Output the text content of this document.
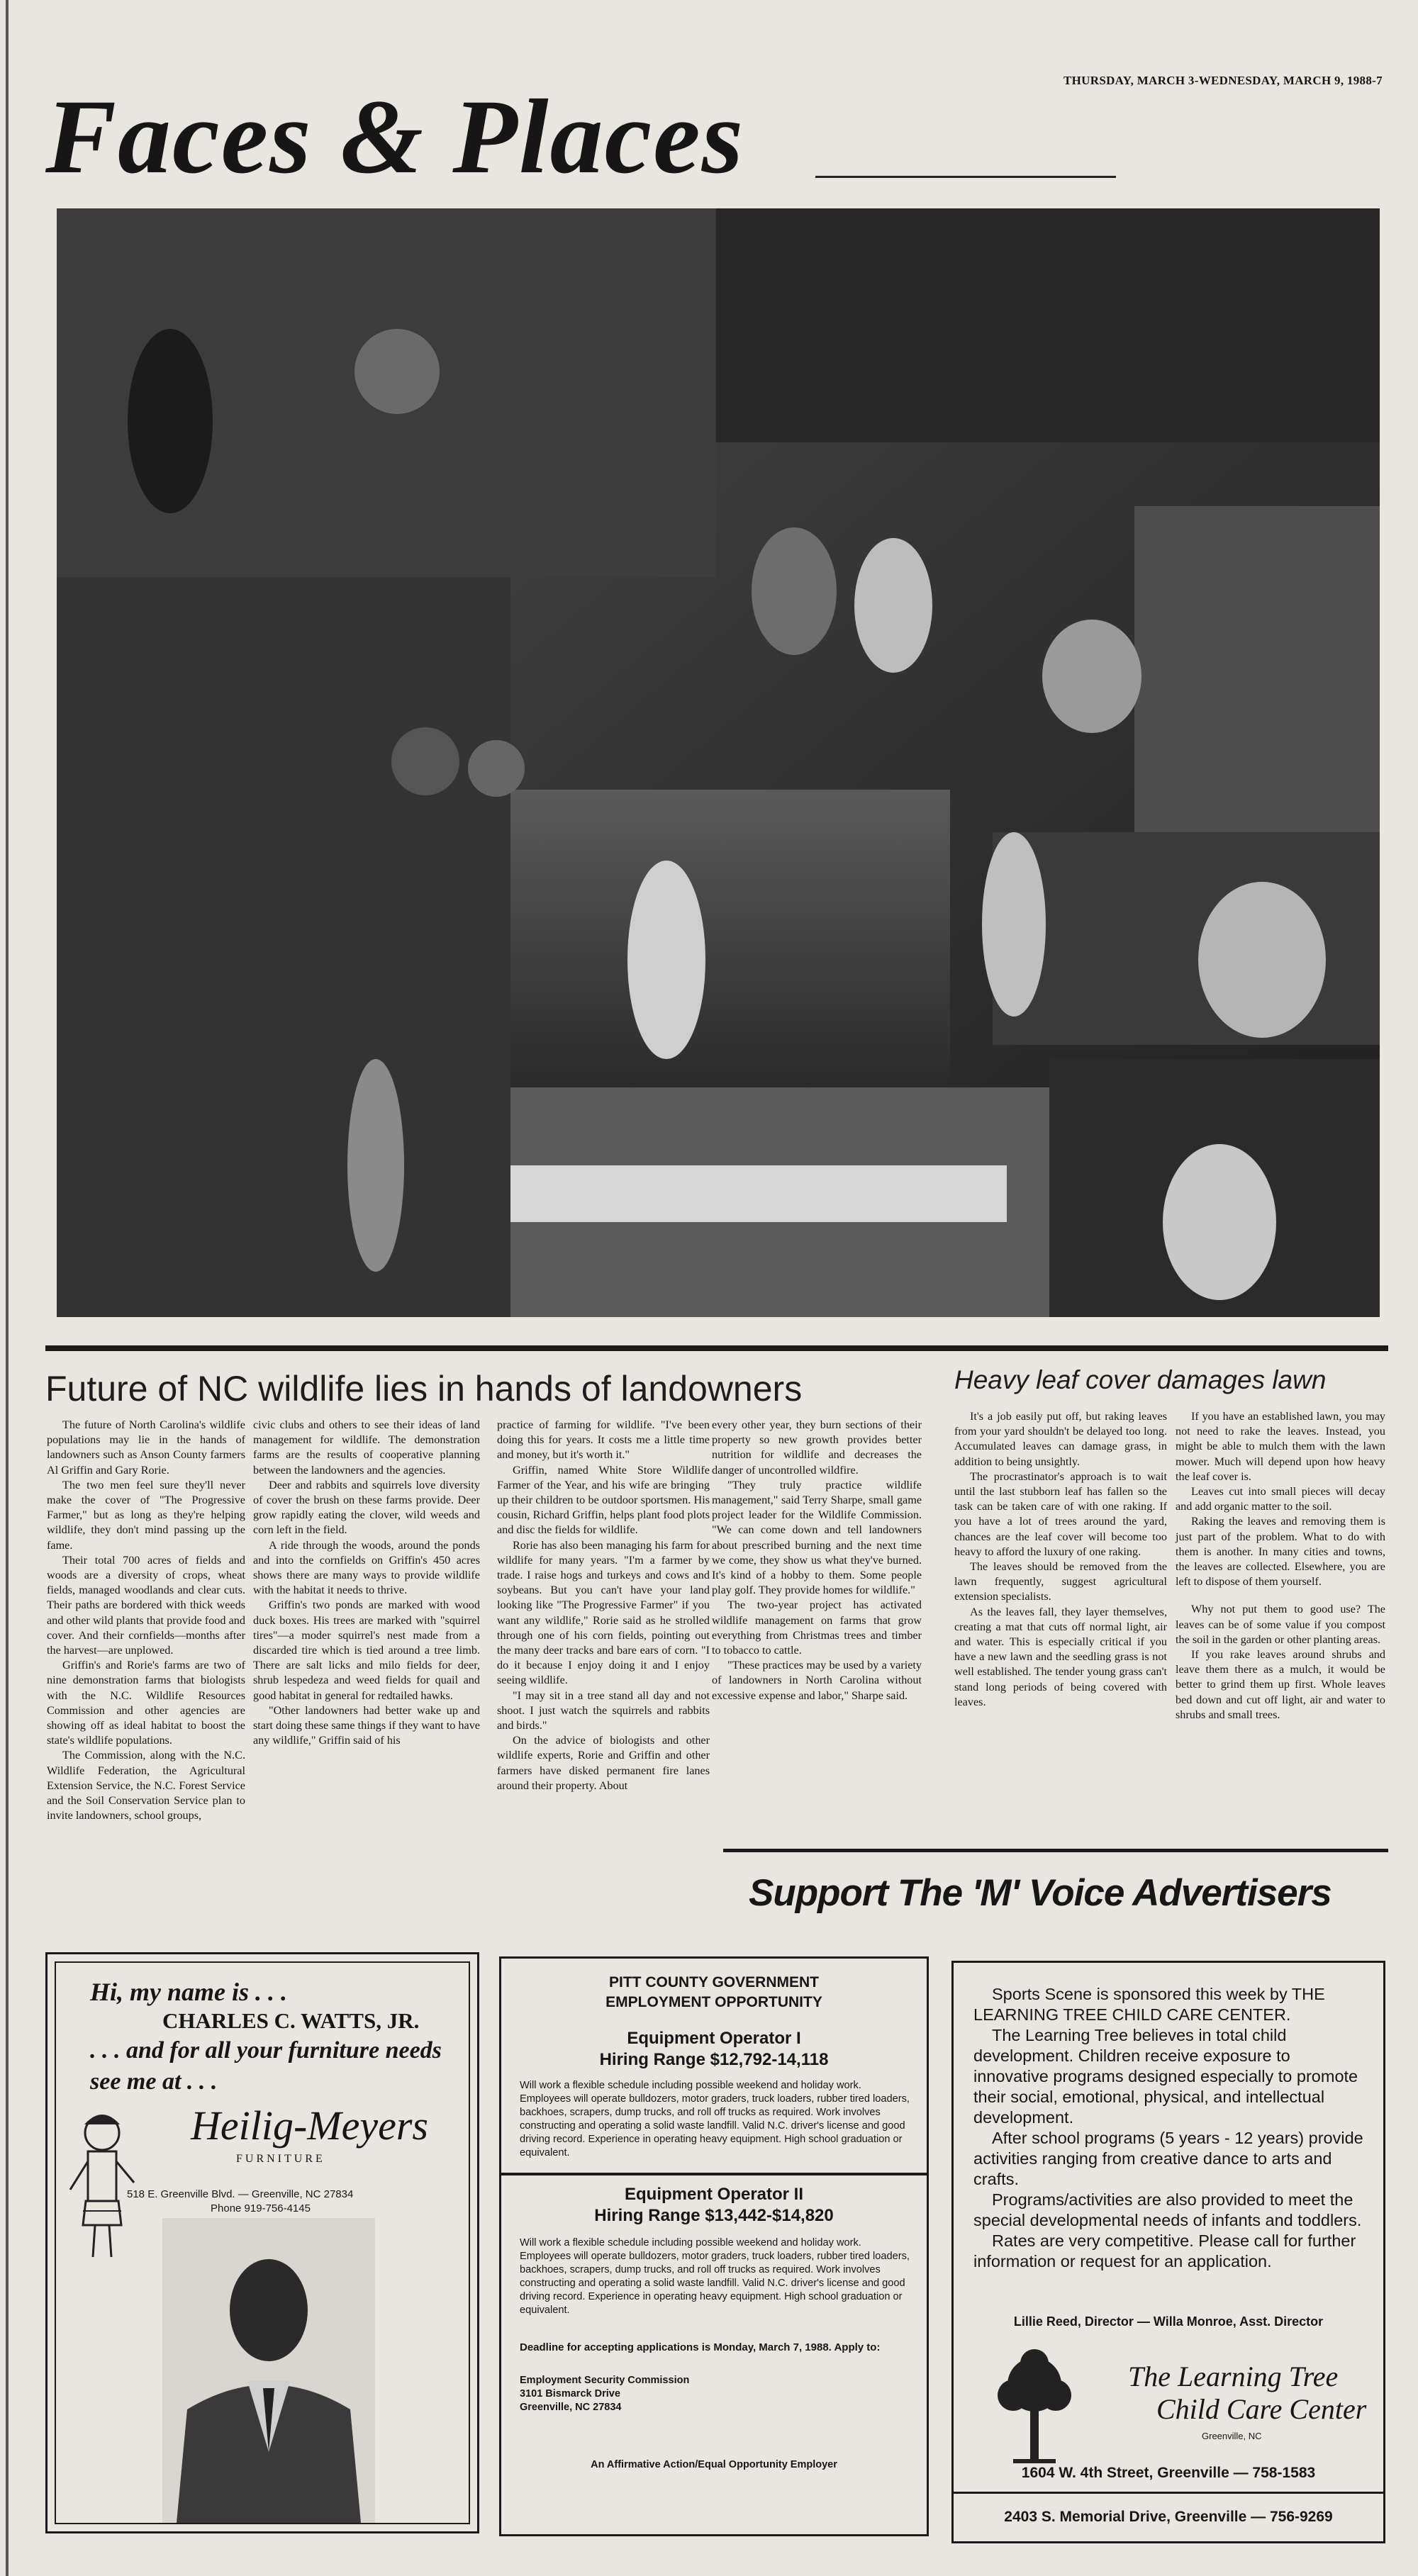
THURSDAY, MARCH 3-WEDNESDAY, MARCH 9, 1988-7
Faces & Places
Future of NC wildlife lies in hands of landowners

The future of North Carolina's wildlife populations may lie in the hands of landowners such as Anson County farmers Al Griffin and Gary Rorie.

The two men feel sure they'll never make the cover of "The Progressive Farmer," but as long as they're helping wildlife, they don't mind passing up the fame.

Their total 700 acres of fields and woods are a diversity of crops, wheat fields, managed woodlands and clear cuts. Their paths are bordered with thick weeds and other wild plants that provide food and cover. And their cornfields—months after the harvest—are unplowed.

Griffin's and Rorie's farms are two of nine demonstration farms that biologists with the N.C. Wildlife Resources Commission and other agencies are showing off as ideal habitat to boost the state's wildlife populations.

The Commission, along with the N.C. Wildlife Federation, the Agricultural Extension Service, the N.C. Forest Service and the Soil Conservation Service plan to invite landowners, school groups,

civic clubs and others to see their ideas of land management for wildlife. The demonstration farms are the results of cooperative planning between the landowners and the agencies.

Deer and rabbits and squirrels love diversity of cover the brush on these farms provide. Deer grow rapidly eating the clover, wild weeds and corn left in the field.

A ride through the woods, around the ponds and into the cornfields on Griffin's 450 acres shows there are many ways to provide wildlife with the habitat it needs to thrive.

Griffin's two ponds are marked with wood duck boxes. His trees are marked with "squirrel tires"—a moder squirrel's nest made from a discarded tire which is tied around a tree limb. There are salt licks and milo fields for deer, shrub lespedeza and weed fields for quail and good habitat in general for redtailed hawks.

"Other landowners had better wake up and start doing these same things if they want to have any wildlife," Griffin said of his

practice of farming for wildlife. "I've been doing this for years. It costs me a little time and money, but it's worth it."

Griffin, named White Store Wildlife Farmer of the Year, and his wife are bringing up their children to be outdoor sportsmen. His cousin, Richard Griffin, helps plant food plots and disc the fields for wildlife.

Rorie has also been managing his farm for wildlife for many years. "I'm a farmer by trade. I raise hogs and turkeys and cows and soybeans. But you can't have your land looking like "The Progressive Farmer" if you want any wildlife," Rorie said as he strolled through one of his corn fields, pointing out the many deer tracks and bare ears of corn. "I do it because I enjoy doing it and I enjoy seeing wildlife.

"I may sit in a tree stand all day and not shoot. I just watch the squirrels and rabbits and birds."

On the advice of biologists and other wildlife experts, Rorie and Griffin and other farmers have disked permanent fire lanes around their property. About

every other year, they burn sections of their property so new growth provides better nutrition for wildlife and decreases the danger of uncontrolled wildfire.

"They truly practice wildlife management," said Terry Sharpe, small game project leader for the Wildlife Commission. "We can come down and tell landowners about prescribed burning and the next time we come, they show us what they've burned. It's kind of a hobby to them. Some people play golf. They provide homes for wildlife."

The two-year project has activated wildlife management on farms that grow everything from Christmas trees and timber to tobacco to cattle.

"These practices may be used by a variety of landowners in North Carolina without excessive expense and labor," Sharpe said.

Heavy leaf cover damages lawn

It's a job easily put off, but raking leaves from your yard shouldn't be delayed too long. Accumulated leaves can damage grass, in addition to being unsightly.

The procrastinator's approach is to wait until the last stubborn leaf has fallen so the task can be taken care of with one raking. If you have a lot of trees around the yard, chances are the leaf cover will become too heavy to afford the luxury of one raking.

The leaves should be removed from the lawn frequently, suggest agricultural extension specialists.

As the leaves fall, they layer themselves, creating a mat that cuts off normal light, air and water. This is especially critical if you have a new lawn and the seedling grass is not well established. The tender young grass can't stand long periods of being covered with leaves.

If you have an established lawn, you may not need to rake the leaves. Instead, you might be able to mulch them with the lawn mower. Much will depend upon how heavy the leaf cover is.

Leaves cut into small pieces will decay and add organic matter to the soil.

Raking the leaves and removing them is just part of the problem. What to do with them is another. In many cities and towns, the leaves are collected. Elsewhere, you are left to dispose of them yourself.

Why not put them to good use? The leaves can be of some value if you compost the soil in the garden or other planting areas.

If you rake leaves around shrubs and leave them there as a mulch, it would be better to grind them up first. Whole leaves bed down and cut off light, air and water to shrubs and small trees.

Support The 'M' Voice Advertisers
Hi, my name is . . .
CHARLES C. WATTS, JR.
. . . and for all your furniture needs see me at . . .
Heilig-Meyers
FURNITURE
518 E. Greenville Blvd. — Greenville, NC 27834
Phone 919-756-4145
PITT COUNTY GOVERNMENT
EMPLOYMENT OPPORTUNITY
Equipment Operator I
Hiring Range $12,792-14,118
Will work a flexible schedule including possible weekend and holiday work. Employees will operate bulldozers, motor graders, truck loaders, rubber tired loaders, backhoes, scrapers, dump trucks, and roll off trucks as required. Work involves constructing and operating a solid waste landfill. Valid N.C. driver's license and good driving record. Experience in operating heavy equipment. High school graduation or equivalent.
Equipment Operator II
Hiring Range $13,442-$14,820
Will work a flexible schedule including possible weekend and holiday work. Employees will operate bulldozers, motor graders, truck loaders, rubber tired loaders, backhoes, scrapers, dump trucks, and roll off trucks as required. Work involves constructing and operating a solid waste landfill. Valid N.C. driver's license and good driving record. Experience in operating heavy equipment. High school graduation or equivalent.
Deadline for accepting applications is Monday, March 7, 1988. Apply to:
Employment Security Commission
3101 Bismarck Drive
Greenville, NC 27834
An Affirmative Action/Equal Opportunity Employer

Sports Scene is sponsored this week by THE LEARNING TREE CHILD CARE CENTER.

The Learning Tree believes in total child development. Children receive exposure to innovative programs designed especially to promote their social, emotional, physical, and intellectual development.

After school programs (5 years - 12 years) provide activities ranging from creative dance to arts and crafts.

Programs/activities are also provided to meet the special developmental needs of infants and toddlers.

Rates are very competitive. Please call for further information or request for an application.

Lillie Reed, Director — Willa Monroe, Asst. Director
The Learning Tree
Child Care Center
Greenville, NC
1604 W. 4th Street, Greenville — 758-1583
2403 S. Memorial Drive, Greenville — 756-9269
